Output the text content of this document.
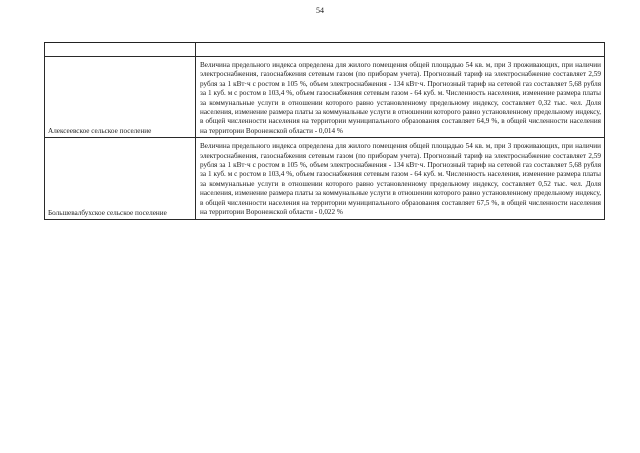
54

Алексеевское сельское поселение	Величина предельного индекса определена для жилого помещения общей площадью 54 кв. м, при 3 проживающих, при наличии электроснабжения, газоснабжения сетевым газом (по приборам учета). Прогнозный тариф на электроснабжение составляет 2,59 рубля за 1 кВт·ч с ростом в 105 %, объем электроснабжения - 134 кВт·ч. Прогнозный тариф на сетевой газ составляет 5,68 рубля за 1 куб. м с ростом в 103,4 %, объем газоснабжения сетевым газом - 64 куб. м. Численность населения, изменение размера платы за коммунальные услуги в отношении которого равно установленному предельному индексу, составляет 0,32 тыс. чел. Доля населения, изменение размера платы за коммунальные услуги в отношении которого равно установленному предельному индексу, в общей численности населения на территории муниципального образования составляет 64,9 %, в общей численности населения на территории Воронежской области - 0,014 %
Большевалбухское сельское поселение	Величина предельного индекса определена для жилого помещения общей площадью 54 кв. м, при 3 проживающих, при наличии электроснабжения, газоснабжения сетевым газом (по приборам учета). Прогнозный тариф на электроснабжение составляет 2,59 рубля за 1 кВт·ч с ростом в 105 %, объем электроснабжения - 134 кВт·ч. Прогнозный тариф на сетевой газ составляет 5,68 рубля за 1 куб. м с ростом в 103,4 %, объем газоснабжения сетевым газом - 64 куб. м. Численность населения, изменение размера платы за коммунальные услуги в отношении которого равно установленному предельному индексу, составляет 0,52 тыс. чел. Доля населения, изменение размера платы за коммунальные услуги в отношении которого равно установленному предельному индексу, в общей численности населения на территории муниципального образования составляет 67,5 %, в общей численности населения на территории Воронежской области - 0,022 %
